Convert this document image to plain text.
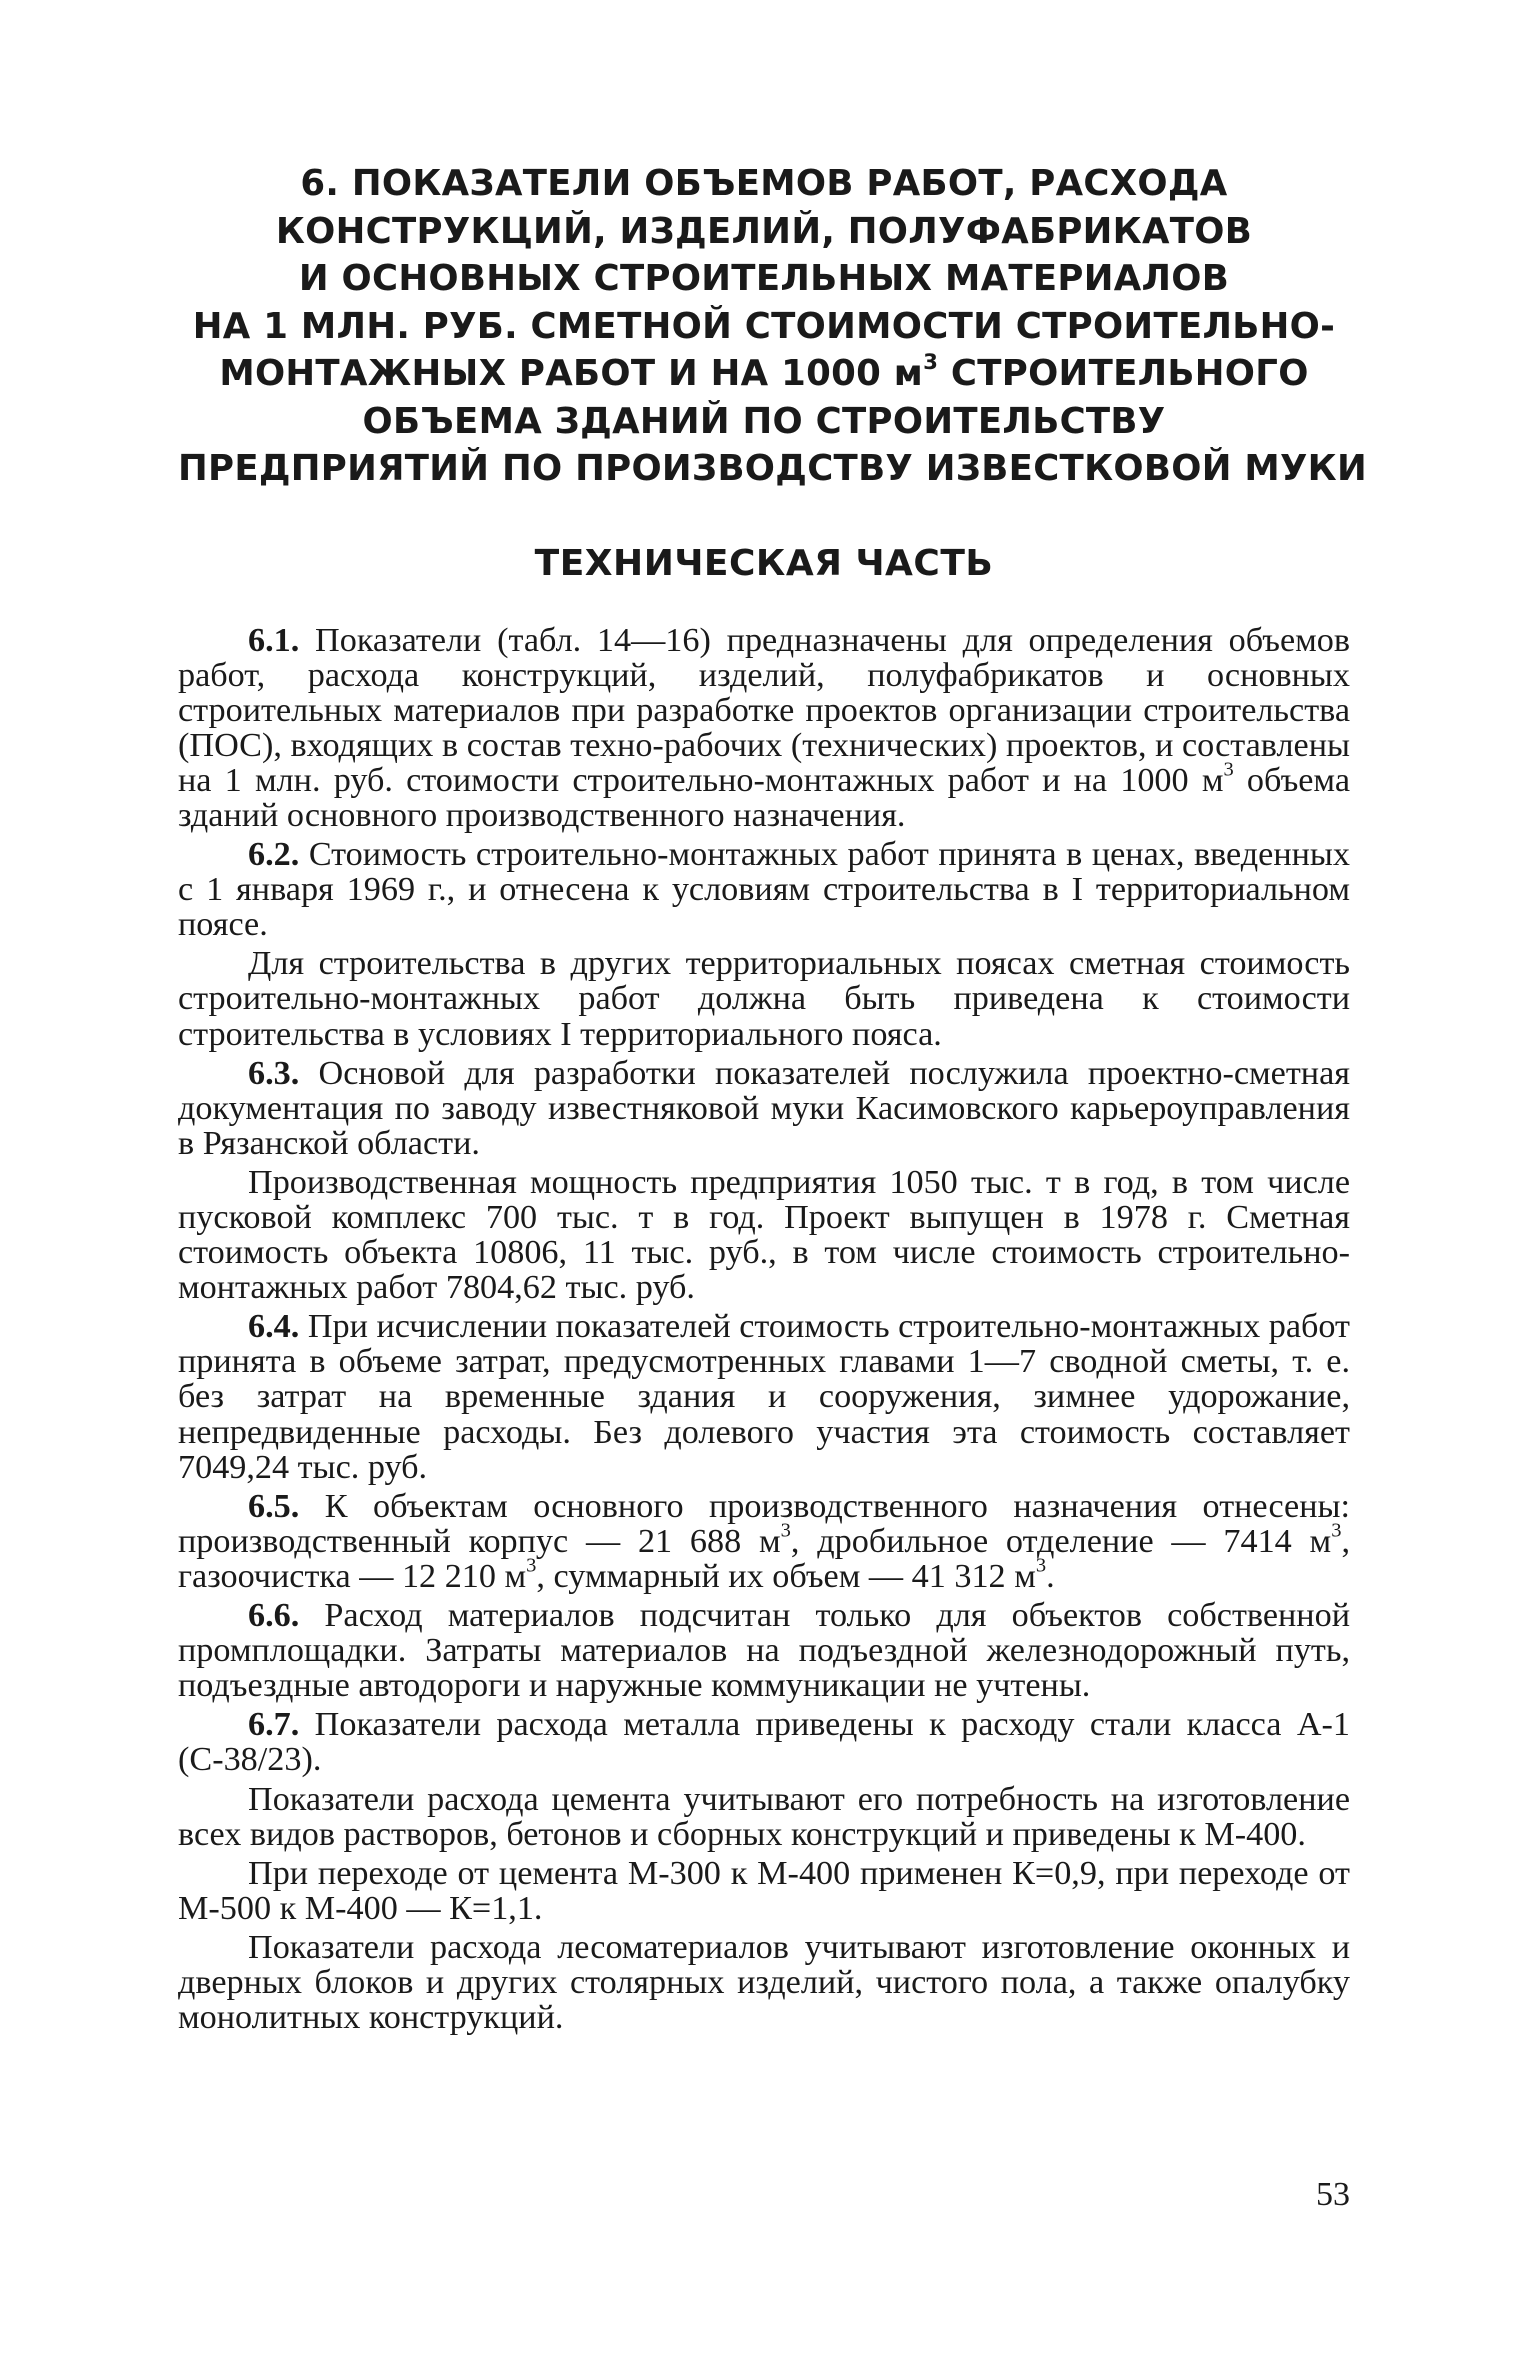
6. ПОКАЗАТЕЛИ ОБЪЕМОВ РАБОТ, РАСХОДА
КОНСТРУКЦИЙ, ИЗДЕЛИЙ, ПОЛУФАБРИКАТОВ
И ОСНОВНЫХ СТРОИТЕЛЬНЫХ МАТЕРИАЛОВ
НА 1 МЛН. РУБ. СМЕТНОЙ СТОИМОСТИ СТРОИТЕЛЬНО-
МОНТАЖНЫХ РАБОТ И НА 1000 $м^3$ СТРОИТЕЛЬНОГО
ОБЪЕМА ЗДАНИЙ ПО СТРОИТЕЛЬСТВУ
ПРЕДПРИЯТИЙ ПО ПРОИЗВОДСТВУ ИЗВЕСТКОВОЙ МУКИ
ТЕХНИЧЕСКАЯ ЧАСТЬ

6.1. Показатели (табл. 14—16) предназначены для определения объемов работ, расхода конструкций, изделий, полуфабрикатов и основных строительных материалов при разработке проектов организации строительства (ПОС), входящих в состав техно-рабочих (технических) проектов, и составлены на 1 млн. руб. стоимости строительно-монтажных работ и на 1000 $м^3$ объема зданий основного производственного назначения.

6.2. Стоимость строительно-монтажных работ принята в ценах, введенных с 1 января 1969 г., и отнесена к условиям строительства в I территориальном поясе.

Для строительства в других территориальных поясах сметная стоимость строительно-монтажных работ должна быть приведена к стоимости строительства в условиях I территориального пояса.

6.3. Основой для разработки показателей послужила проектно-сметная документация по заводу известняковой муки Касимовского карьероуправления в Рязанской области.

Производственная мощность предприятия 1050 тыс. т в год, в том числе пусковой комплекс 700 тыс. т в год. Проект выпущен в 1978 г. Сметная стоимость объекта 10806, 11 тыс. руб., в том числе стоимость строительно-монтажных работ 7804,62 тыс. руб.

6.4. При исчислении показателей стоимость строительно-монтажных работ принята в объеме затрат, предусмотренных главами 1—7 сводной сметы, т. е. без затрат на временные здания и сооружения, зимнее удорожание, непредвиденные расходы. Без долевого участия эта стоимость составляет 7049,24 тыс. руб.

6.5. К объектам основного производственного назначения отнесены: производственный корпус — 21 688 $м^3$, дробильное отделение — 7414 $м^3$, газоочистка — 12 210 $м^3$, суммарный их объем — 41 312 $м^3$.

6.6. Расход материалов подсчитан только для объектов собственной промплощадки. Затраты материалов на подъездной железнодорожный путь, подъездные автодороги и наружные коммуникации не учтены.

6.7. Показатели расхода металла приведены к расходу стали класса А-1 (С-38/23).

Показатели расхода цемента учитывают его потребность на изготовление всех видов растворов, бетонов и сборных конструкций и приведены к М-400.

При переходе от цемента М-300 к М-400 применен К=0,9, при переходе от М-500 к М-400 — К=1,1.

Показатели расхода лесоматериалов учитывают изготовление оконных и дверных блоков и других столярных изделий, чистого пола, а также опалубку монолитных конструкций.

53
